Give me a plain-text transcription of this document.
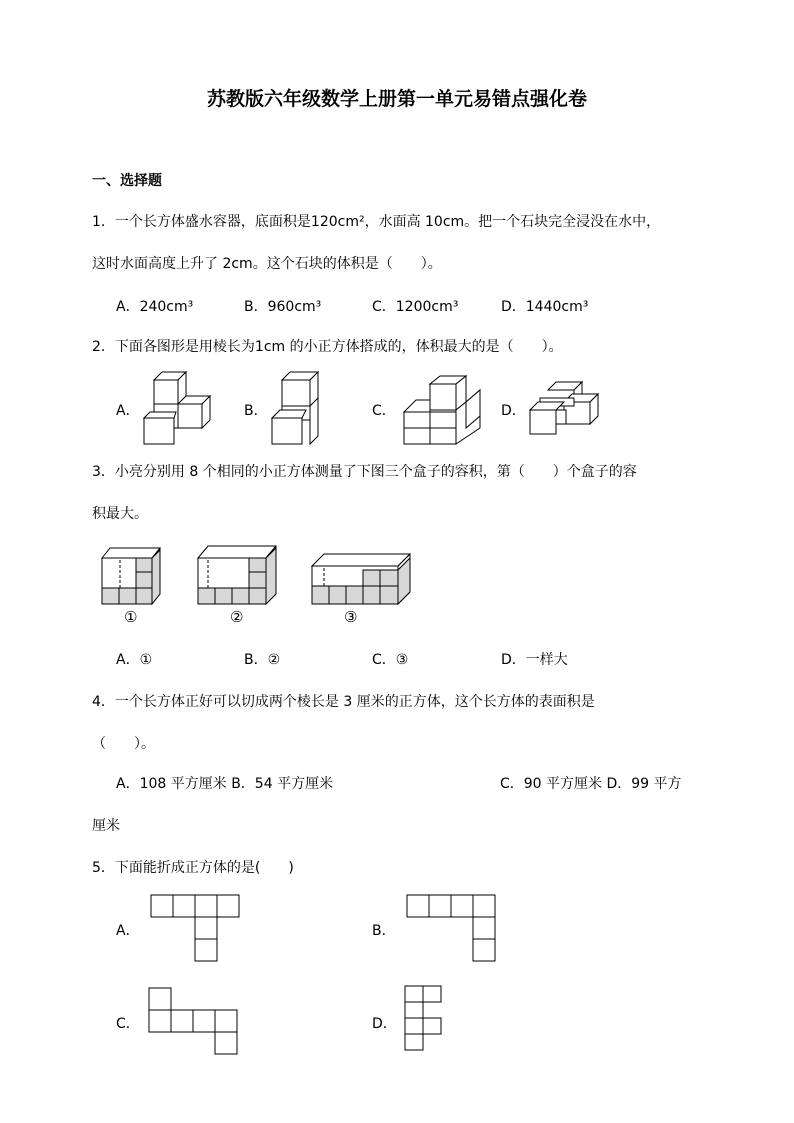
苏教版六年级数学上册第一单元易错点强化卷
一、选择题
1．一个长方体盛水容器，底面积是120cm²，水面高 10cm。把一个石块完全浸没在水中，
这时水面高度上升了 2cm。这个石块的体积是（　　）。
A．240cm³	B．960cm³	C．1200cm³	D．1440cm³
2．下面各图形是用棱长为1cm 的小正方体搭成的，体积最大的是（　　）。
A．	B．	C．	D．
3．小亮分别用 8 个相同的小正方体测量了下图三个盒子的容积，第（　　）个盒子的容
积最大。
①	②	③
A．①	B．②	C．③	D．一样大
4．一个长方体正好可以切成两个棱长是 3 厘米的正方体，这个长方体的表面积是
（　　）。
A．108 平方厘米 B．54 平方厘米	C．90 平方厘米 D．99 平方
厘米
5．下面能折成正方体的是(　　)
A．	B．
C．	D．
